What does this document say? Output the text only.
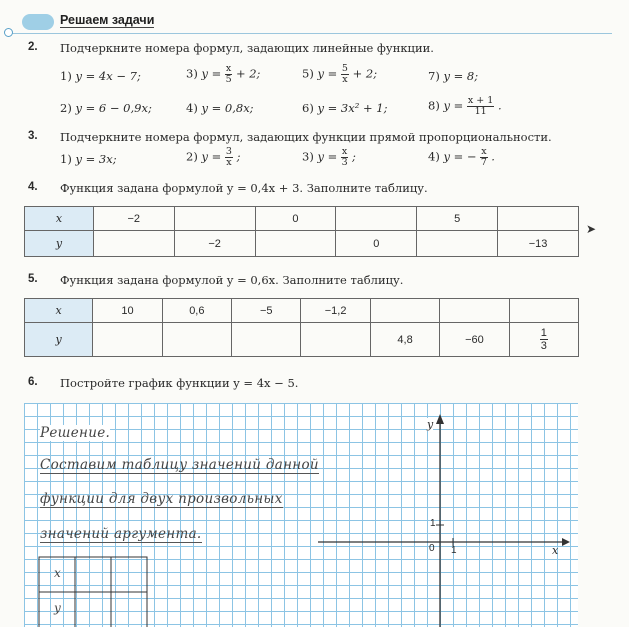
Решаем задачи
2. Подчеркните номера формул, задающих линейные функции.
1) y = 4x − 7;	3) $y = \frac{x}{5} + 2$;	5) $y = \frac{5}{x} + 2$;	7) y = 8;
2) y = 6 − 0,9x;	4) y = 0,8x;	6) y = 3x² + 1;	8) $y = \frac{x + 1}{11}$ .
3. Подчеркните номера формул, задающих функции прямой пропорциональности.
1) y = 3x;	2) $y = \frac{3}{x}$ ;	3) $y = \frac{x}{3}$ ;	4) y = − $\frac{x}{7}$ .
4. Функция задана формулой y = 0,4x + 3. Заполните таблицу.
x	−2		0		5	
y		−2		0		−13
➤
5. Функция задана формулой y = 0,6x. Заполните таблицу.
x	10	0,6	−5	−1,2			
y					4,8	−60	$\frac{1}{3}$
6. Постройте график функции y = 4x − 5.
Решение.
Составим таблицу значений данной
функции для двух произвольных
значений аргумента.
x
y
y
x
0 1
1
